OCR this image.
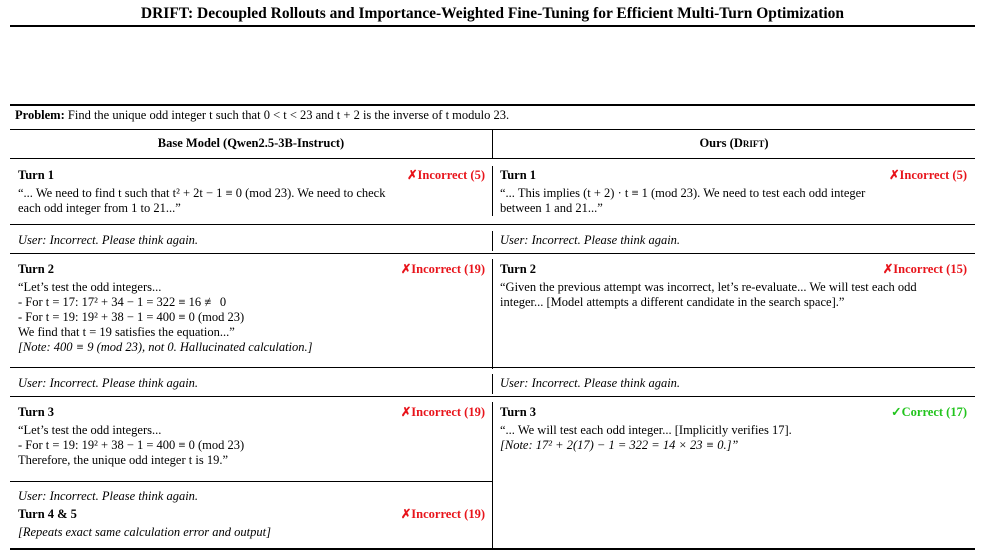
DRIFT: Decoupled Rollouts and Importance-Weighted Fine-Tuning for Efficient Multi-Turn Optimization
Problem: Find the unique odd integer t such that 0 < t < 23 and t + 2 is the inverse of t modulo 23.
Base Model (Qwen2.5-3B-Instruct)	Ours (Drift)
Turn 1	✗Incorrect (5)
“... We need to find t such that t² + 2t − 1 ≡ 0 (mod 23). We need to check
each odd integer from 1 to 21...”
Turn 1	✗Incorrect (5)
“... This implies (t + 2) · t ≡ 1 (mod 23). We need to test each odd integer
between 1 and 21...”
User: Incorrect. Please think again.	User: Incorrect. Please think again.
Turn 2	✗Incorrect (19)
“Let’s test the odd integers...
- For t = 17: 17² + 34 − 1 = 322 ≡ 16 ≢ 0
- For t = 19: 19² + 38 − 1 = 400 ≡ 0 (mod 23)
We find that t = 19 satisfies the equation...”
[Note: 400 ≡ 9 (mod 23), not 0. Hallucinated calculation.]
Turn 2	✗Incorrect (15)
“Given the previous attempt was incorrect, let’s re-evaluate... We will test each odd
integer... [Model attempts a different candidate in the search space].”
User: Incorrect. Please think again.	User: Incorrect. Please think again.
Turn 3	✗Incorrect (19)
“Let’s test the odd integers...
- For t = 19: 19² + 38 − 1 = 400 ≡ 0 (mod 23)
Therefore, the unique odd integer t is 19.”
Turn 3	✓Correct (17)
“... We will test each odd integer... [Implicitly verifies 17].
[Note: 17² + 2(17) − 1 = 322 = 14 × 23 ≡ 0.]”
User: Incorrect. Please think again.
Turn 4 & 5	✗Incorrect (19)
[Repeats exact same calculation error and output]
